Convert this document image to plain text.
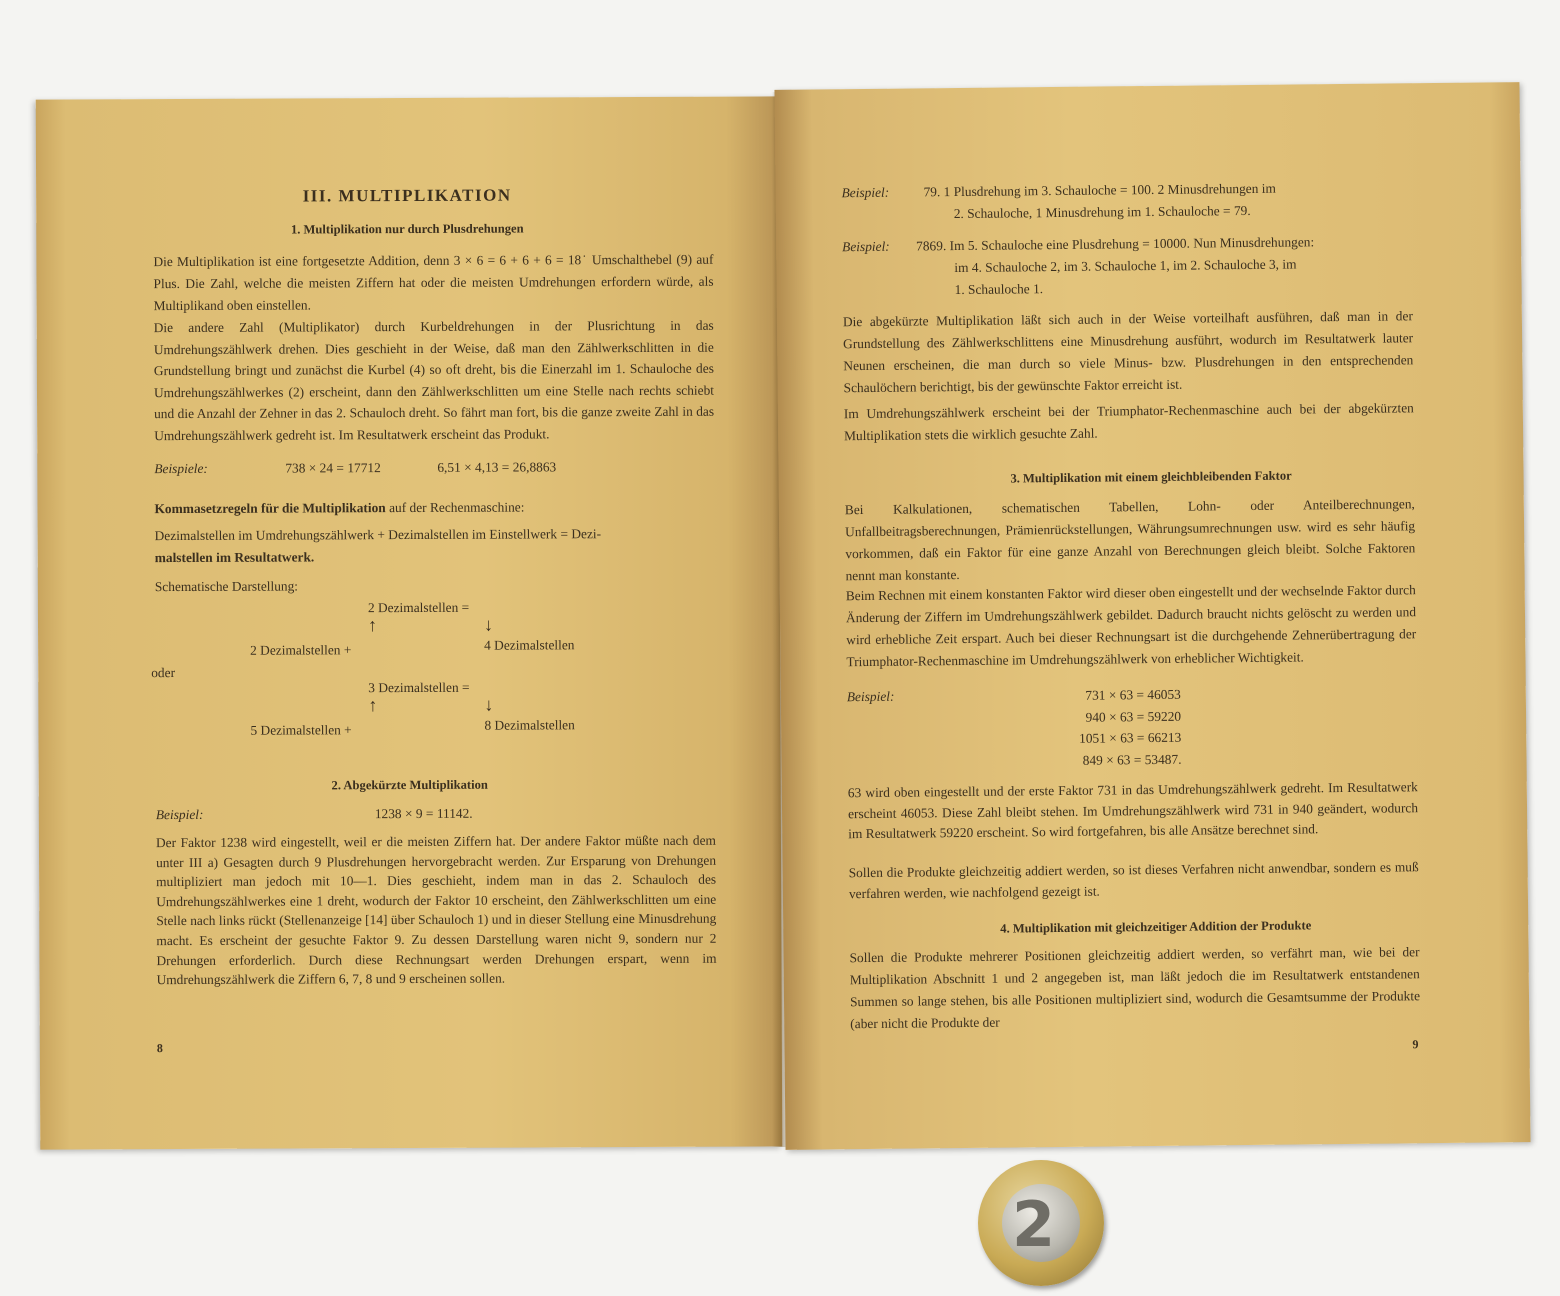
III. MULTIPLIKATION
1. Multiplikation nur durch Plusdrehungen
Die Multiplikation ist eine fortgesetzte Addition, denn 3 × 6 = 6 + 6 + 6 = 18˙ Umschalthebel (9) auf Plus. Die Zahl, welche die meisten Ziffern hat oder die meisten Umdrehungen erfordern würde, als Multiplikand oben einstellen.
Die andere Zahl (Multiplikator) durch Kurbeldrehungen in der Plusrichtung in das Umdrehungszählwerk drehen. Dies geschieht in der Weise, daß man den Zählwerkschlitten in die Grundstellung bringt und zunächst die Kurbel (4) so oft dreht, bis die Einerzahl im 1. Schauloche des Umdrehungszählwerkes (2) erscheint, dann den Zählwerkschlitten um eine Stelle nach rechts schiebt und die Anzahl der Zehner in das 2. Schauloch dreht. So fährt man fort, bis die ganze zweite Zahl in das Umdrehungszählwerk gedreht ist. Im Resultatwerk erscheint das Produkt.
Beispiele:	738 × 24 = 17712	6,51 × 4,13 = 26,8863
Kommasetzregeln für die Multiplikation auf der Rechenmaschine:
Dezimalstellen im Umdrehungszählwerk + Dezimalstellen im Einstellwerk = Dezi-
malstellen im Resultatwerk.
Schematische Darstellung:
2 Dezimalstellen =
↑	↓
2 Dezimalstellen +	4 Dezimalstellen
oder
3 Dezimalstellen =
↑	↓
5 Dezimalstellen +	8 Dezimalstellen
2. Abgekürzte Multiplikation
Beispiel:	1238 × 9 = 11142.
Der Faktor 1238 wird eingestellt, weil er die meisten Ziffern hat. Der andere Faktor müßte nach dem unter III a) Gesagten durch 9 Plusdrehungen hervorgebracht werden. Zur Ersparung von Drehungen multipliziert man jedoch mit 10—1. Dies geschieht, indem man in das 2. Schauloch des Umdrehungszählwerkes eine 1 dreht, wodurch der Faktor 10 erscheint, den Zählwerkschlitten um eine Stelle nach links rückt (Stellenanzeige [14] über Schauloch 1) und in dieser Stellung eine Minusdrehung macht. Es erscheint der gesuchte Faktor 9. Zu dessen Darstellung waren nicht 9, sondern nur 2 Drehungen erforderlich. Durch diese Rechnungsart werden Drehungen erspart, wenn im Umdrehungszählwerk die Ziffern 6, 7, 8 und 9 erscheinen sollen.
8
Beispiel:	79. 1 Plusdrehung im 3. Schauloche = 100. 2 Minusdrehungen im
2. Schauloche, 1 Minusdrehung im 1. Schauloche = 79.
Beispiel: 7869. Im 5. Schauloche eine Plusdrehung = 10000. Nun Minusdrehungen:
im 4. Schauloche 2, im 3. Schauloche 1, im 2. Schauloche 3, im
1. Schauloche 1.
Die abgekürzte Multiplikation läßt sich auch in der Weise vorteilhaft ausführen, daß man in der Grundstellung des Zählwerkschlittens eine Minusdrehung ausführt, wodurch im Resultatwerk lauter Neunen erscheinen, die man durch so viele Minus- bzw. Plusdrehungen in den entsprechenden Schaulöchern berichtigt, bis der gewünschte Faktor erreicht ist.
Im Umdrehungszählwerk erscheint bei der Triumphator-Rechenmaschine auch bei der abgekürzten Multiplikation stets die wirklich gesuchte Zahl.
3. Multiplikation mit einem gleichbleibenden Faktor
Bei Kalkulationen, schematischen Tabellen, Lohn- oder Anteilberechnungen, Unfallbeitragsberechnungen, Prämienrückstellungen, Währungsumrechnungen usw. wird es sehr häufig vorkommen, daß ein Faktor für eine ganze Anzahl von Berechnungen gleich bleibt. Solche Faktoren nennt man konstante.
Beim Rechnen mit einem konstanten Faktor wird dieser oben eingestellt und der wechselnde Faktor durch Änderung der Ziffern im Umdrehungszählwerk gebildet. Dadurch braucht nichts gelöscht zu werden und wird erhebliche Zeit erspart. Auch bei dieser Rechnungsart ist die durchgehende Zehnerübertragung der Triumphator-Rechenmaschine im Umdrehungszählwerk von erheblicher Wichtigkeit.
Beispiel:	731 × 63 = 46053
940 × 63 = 59220
1051 × 63 = 66213
849 × 63 = 53487.
63 wird oben eingestellt und der erste Faktor 731 in das Umdrehungszählwerk gedreht. Im Resultatwerk erscheint 46053. Diese Zahl bleibt stehen. Im Umdrehungszählwerk wird 731 in 940 geändert, wodurch im Resultatwerk 59220 erscheint. So wird fortgefahren, bis alle Ansätze berechnet sind.
Sollen die Produkte gleichzeitig addiert werden, so ist dieses Verfahren nicht anwendbar, sondern es muß verfahren werden, wie nachfolgend gezeigt ist.
4. Multiplikation mit gleichzeitiger Addition der Produkte
Sollen die Produkte mehrerer Positionen gleichzeitig addiert werden, so verfährt man, wie bei der Multiplikation Abschnitt 1 und 2 angegeben ist, man läßt jedoch die im Resultatwerk entstandenen Summen so lange stehen, bis alle Positionen multipliziert sind, wodurch die Gesamtsumme der Produkte (aber nicht die Produkte der
9
2
